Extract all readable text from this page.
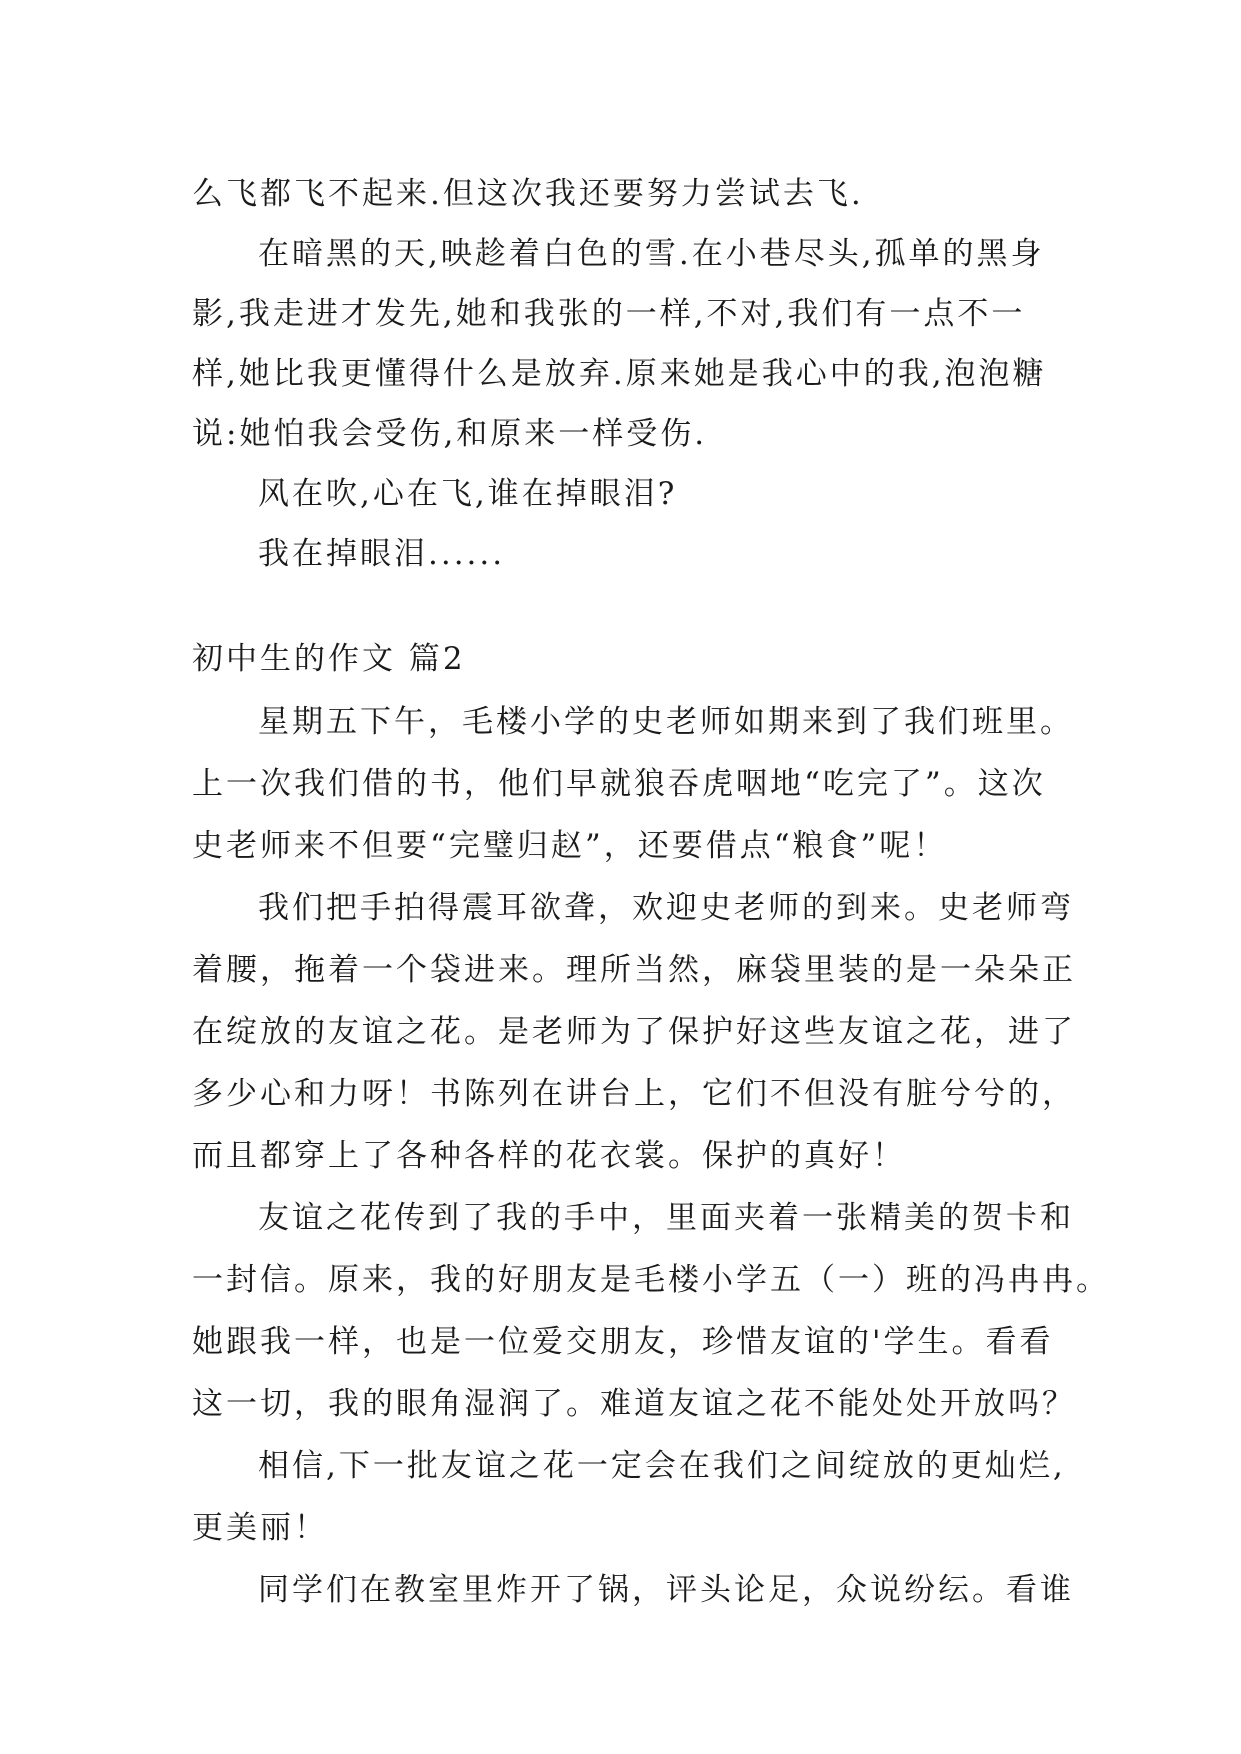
么飞都飞不起来.但这次我还要努力尝试去飞.
在暗黑的天,映趁着白色的雪.在小巷尽头,孤单的黑身
影,我走进才发先,她和我张的一样,不对,我们有一点不一
样,她比我更懂得什么是放弃.原来她是我心中的我,泡泡糖
说:她怕我会受伤,和原来一样受伤.
风在吹,心在飞,谁在掉眼泪?
我在掉眼泪......
初中生的作文 篇2
星期五下午，毛楼小学的史老师如期来到了我们班里。
上一次我们借的书，他们早就狼吞虎咽地“吃完了”。这次
史老师来不但要“完璧归赵”，还要借点“粮食”呢！
我们把手拍得震耳欲聋，欢迎史老师的到来。史老师弯
着腰，拖着一个袋进来。理所当然，麻袋里装的是一朵朵正
在绽放的友谊之花。是老师为了保护好这些友谊之花，进了
多少心和力呀！书陈列在讲台上，它们不但没有脏兮兮的，
而且都穿上了各种各样的花衣裳。保护的真好！
友谊之花传到了我的手中，里面夹着一张精美的贺卡和
一封信。原来，我的好朋友是毛楼小学五（一）班的冯冉冉。
她跟我一样，也是一位爱交朋友，珍惜友谊的'学生。看看
这一切，我的眼角湿润了。难道友谊之花不能处处开放吗？
相信,下一批友谊之花一定会在我们之间绽放的更灿烂,
更美丽！
同学们在教室里炸开了锅，评头论足，众说纷纭。看谁
